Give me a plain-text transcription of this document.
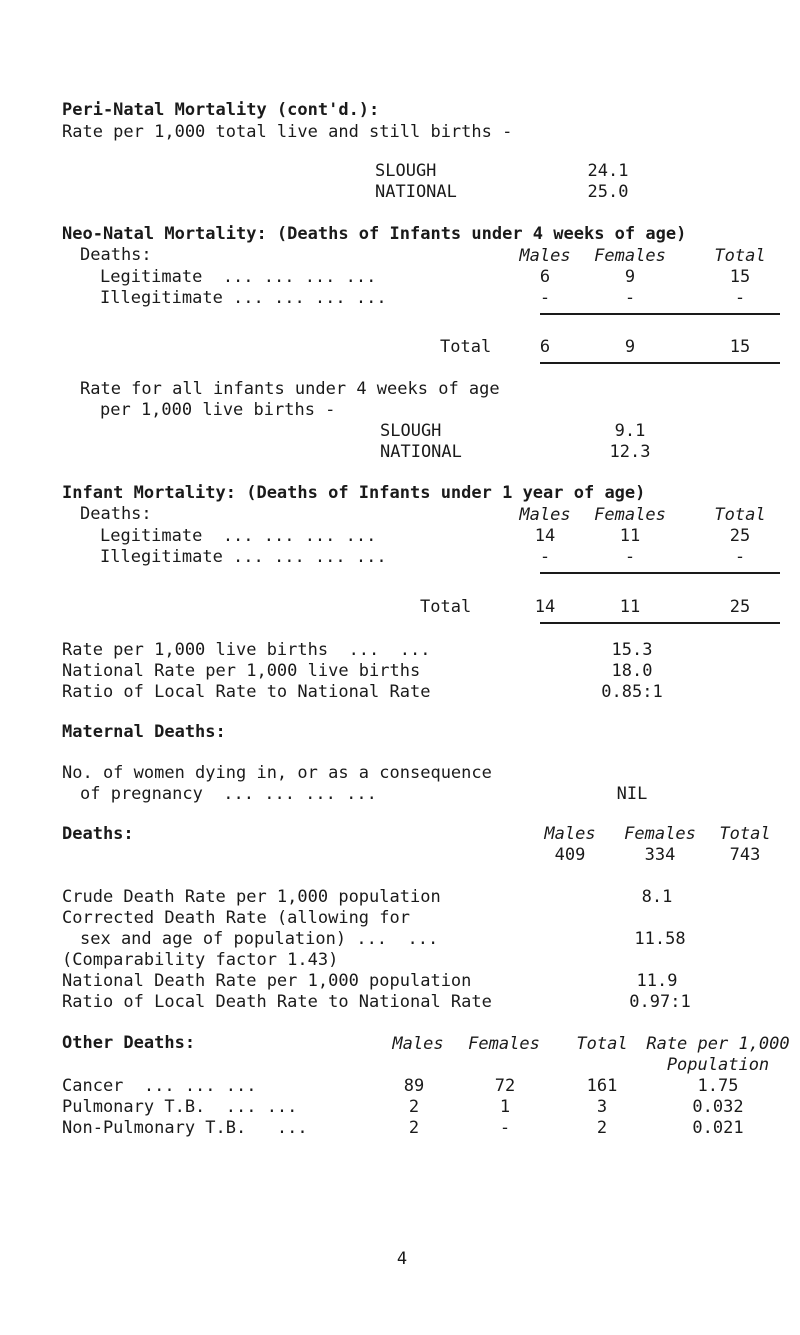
Peri-Natal Mortality (cont'd.):
Rate per 1,000 total live and still births -
SLOUGH	24.1
NATIONAL	25.0
Neo-Natal Mortality: (Deaths of Infants under 4 weeks of age)
Deaths:	Males Females	Total
Legitimate  ... ... ... ...	6	9	15
Illegitimate ... ... ... ...	-	-	-
Total	6	9	15
Rate for all infants under 4 weeks of age
per 1,000 live births -
SLOUGH	9.1
NATIONAL	12.3
Infant Mortality: (Deaths of Infants under 1 year of age)
Deaths:	Males Females	Total
Legitimate  ... ... ... ...	14	11	25
Illegitimate ... ... ... ...	-	-	-
Total	14	11	25
Rate per 1,000 live births  ...  ...	15.3
National Rate per 1,000 live births	18.0
Ratio of Local Rate to National Rate	0.85:1
Maternal Deaths:
No. of women dying in, or as a consequence
of pregnancy  ... ... ... ...	NIL
Deaths:	Males Females Total
409	334	743
Crude Death Rate per 1,000 population	8.1
Corrected Death Rate (allowing for
sex and age of population) ...  ...	11.58
(Comparability factor 1.43)
National Death Rate per 1,000 population	11.9
Ratio of Local Death Rate to National Rate	0.97:1
Other Deaths:	Males Females Total Rate per 1,000
Population
Cancer  ... ... ...	89	72	161	1.75
Pulmonary T.B.  ... ...	2	1	3	0.032
Non-Pulmonary T.B.   ...	2	-	2	0.021
4
